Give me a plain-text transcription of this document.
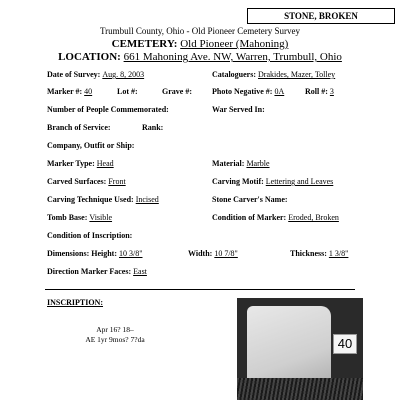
STONE, BROKEN
Trumbull County, Ohio - Old Pioneer Cemetery Survey
CEMETERY: Old Pioneer (Mahoning)
LOCATION: 661 Mahoning Ave. NW, Warren, Trumbull, Ohio
Date of Survey: Aug. 8, 2003	Cataloguers: Drakides, Mazer, Tolley
Marker #: 40	Lot #:	Grave #:	Photo Negative #: 0A	Roll #: 3
Number of People Commemorated:	War Served In:
Branch of Service:	Rank:
Company, Outfit or Ship:
Marker Type: Head	Material: Marble
Carved Surfaces: Front	Carving Motif: Lettering and Leaves
Carving Technique Used: Incised	Stone Carver's Name:
Tomb Base: Visible	Condition of Marker: Eroded, Broken
Condition of Inscription:
Dimensions: Height: 10 3/8"	Width: 10 7/8"	Thickness: 1 3/8"
Direction Marker Faces: East
INSCRIPTION:
Apr 16? 18–
AE 1yr 9mos? 7?da	40
